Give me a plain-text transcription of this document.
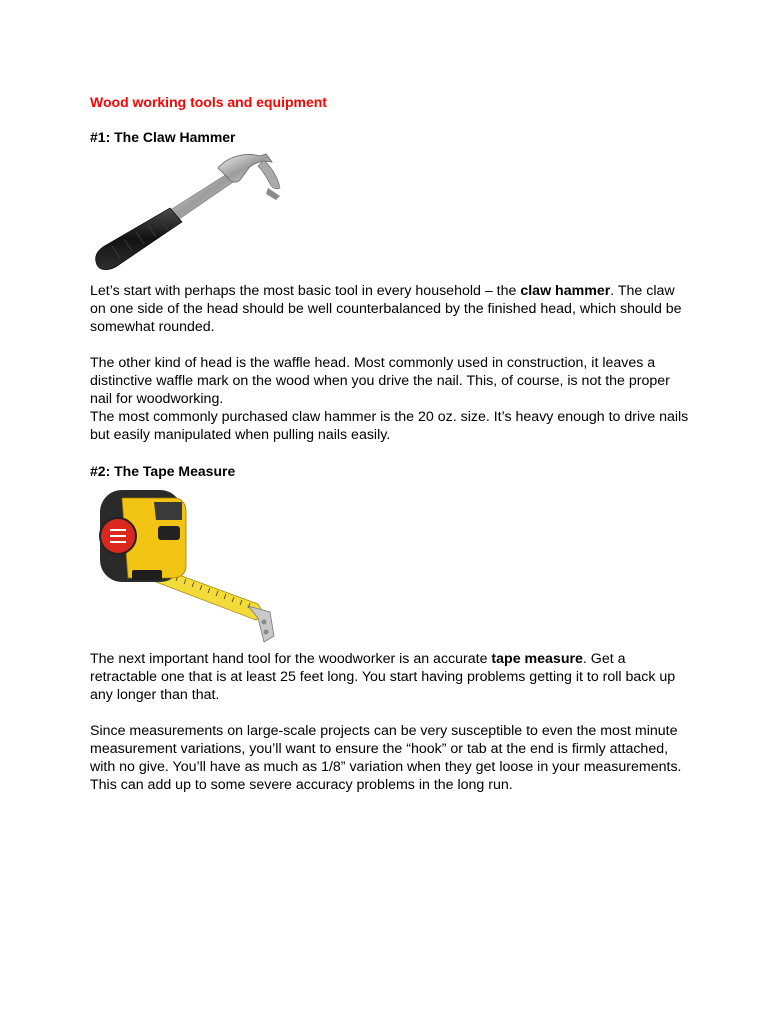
Wood working tools and equipment
#1: The Claw Hammer

Let’s start with perhaps the most basic tool in every household – the claw hammer. The claw on one side of the head should be well counterbalanced by the finished head, which should be somewhat rounded.

The other kind of head is the waffle head. Most commonly used in construction, it leaves a distinctive waffle mark on the wood when you drive the nail. This, of course, is not the proper nail for woodworking.

The most commonly purchased claw hammer is the 20 oz. size. It’s heavy enough to drive nails but easily manipulated when pulling nails easily.

#2: The Tape Measure

The next important hand tool for the woodworker is an accurate tape measure. Get a retractable one that is at least 25 feet long. You start having problems getting it to roll back up any longer than that.

Since measurements on large-scale projects can be very susceptible to even the most minute measurement variations, you’ll want to ensure the “hook” or tab at the end is firmly attached, with no give. You’ll have as much as 1/8” variation when they get loose in your measurements. This can add up to some severe accuracy problems in the long run.
